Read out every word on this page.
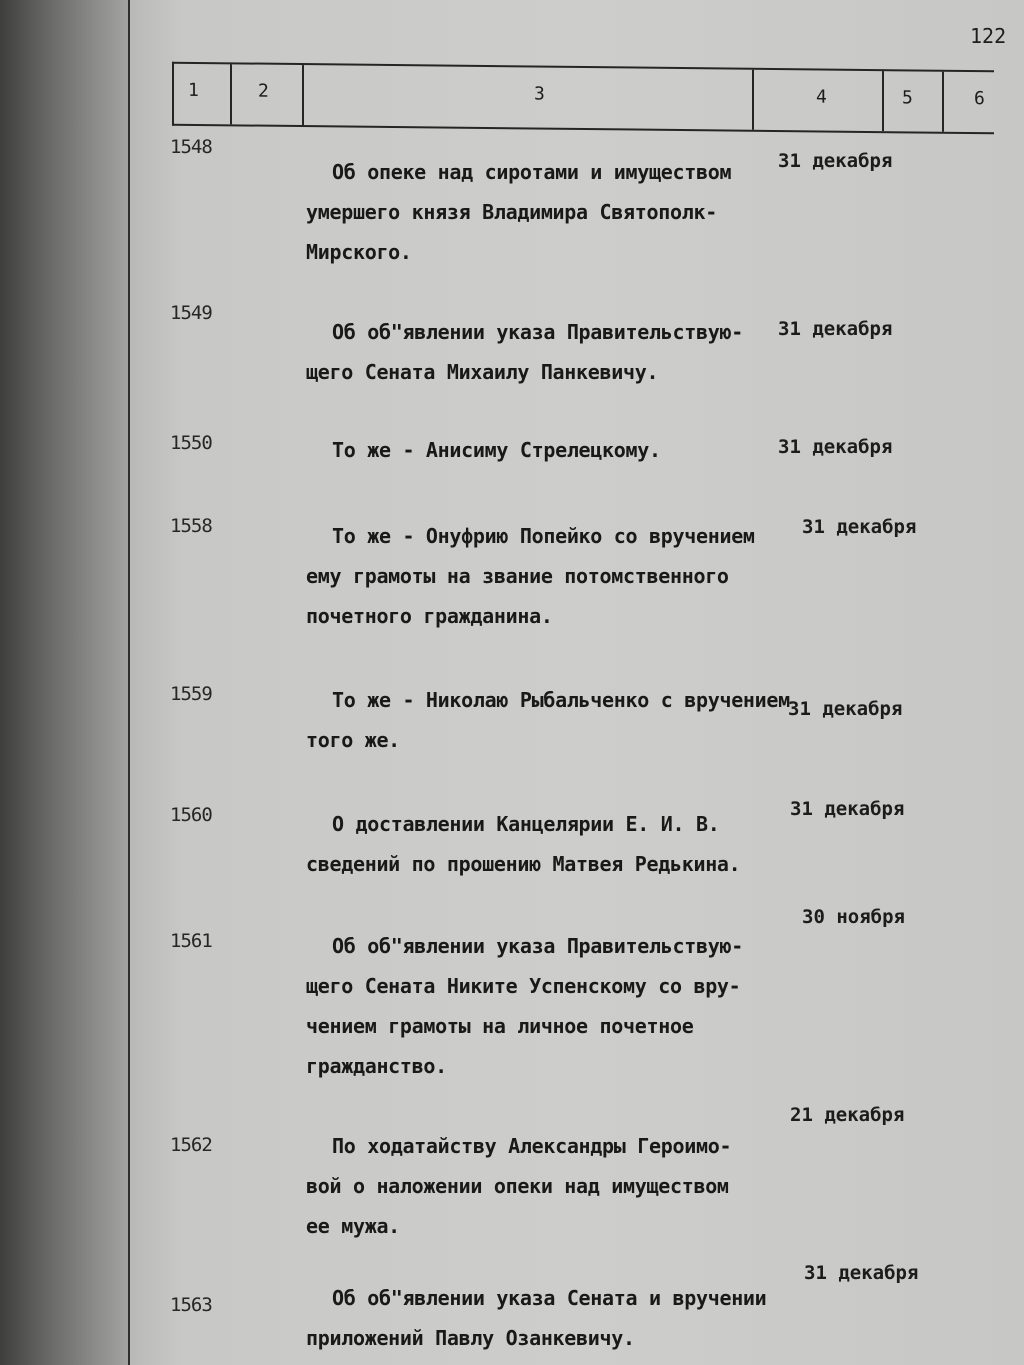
122
1	2	3	4	5	6
1548
Об опеке над сиротами и имуществом
умершего князя Владимира Святополк-
Мирского.
31 декабря
1549
Об об"явлении указа Правительствую-
щего Сената Михаилу Панкевичу.
31 декабря
1550	То же - Анисиму Стрелецкому.	31 декабря
1558	То же - Онуфрию Попейко со вручением
ему грамоты на звание потомственного
почетного гражданина.
31 декабря
1559	То же - Николаю Рыбальченко с вручением
того же.
31 декабря
1560	О доставлении Канцелярии Е. И. В.
сведений по прошению Матвея Редькина.
31 декабря
1561	Об об"явлении указа Правительствую-
щего Сената Никите Успенскому со вру-
чением грамоты на личное почетное
гражданство.
30 ноября
1562	По ходатайству Александры Героимо-
вой о наложении опеки над имуществом
ее мужа.
21 декабря
1563	Об об"явлении указа Сената и вручении
приложений Павлу Озанкевичу.
31 декабря
